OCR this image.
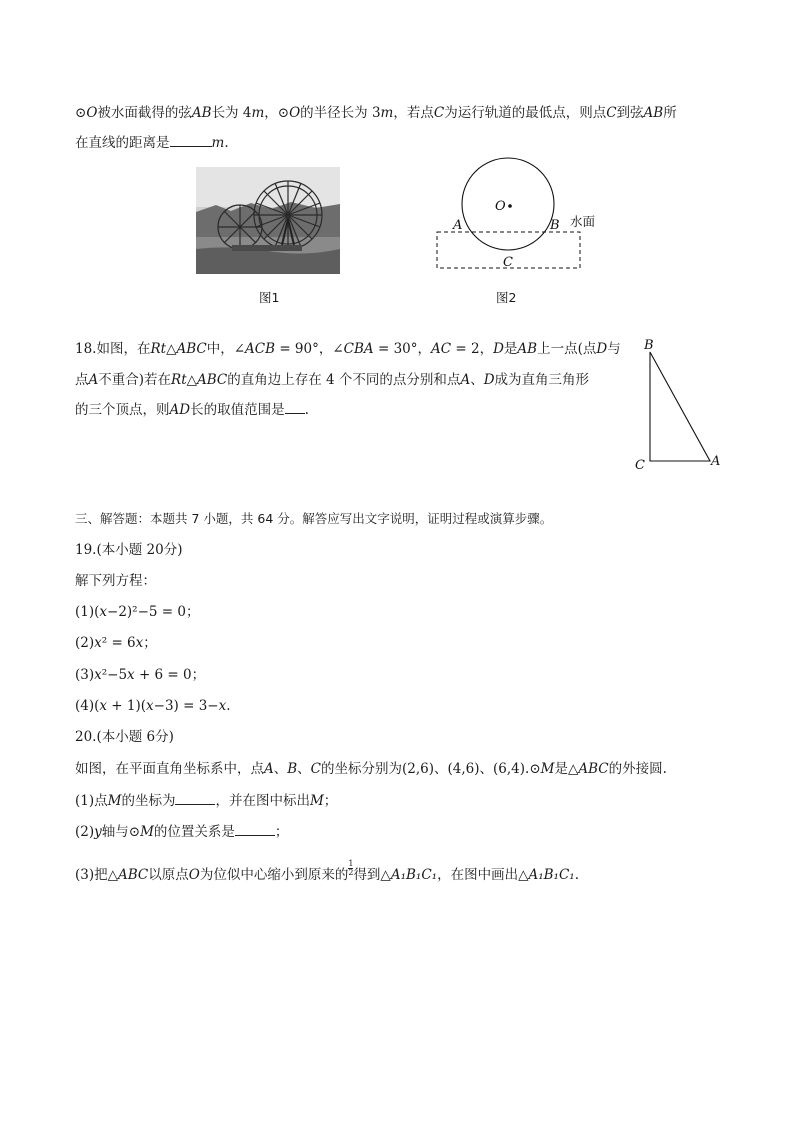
⊙O被水面截得的弦AB长为 4m，⊙O的半径长为 3m，若点C为运行轨道的最低点，则点C到弦AB所
在直线的距离是	m.
图1
O
A	B
C
水面
图2
18.如图，在Rt△ABC中，∠ACB = 90°，∠CBA = 30°，AC = 2，D是AB上一点(点D与
点A不重合)若在Rt△ABC的直角边上存在 4 个不同的点分别和点A、D成为直角三角形
的三个顶点，则AD长的取值范围是 .
B
C	A
三、解答题：本题共 7 小题，共 64 分。解答应写出文字说明，证明过程或演算步骤。
19.(本小题 20分)
解下列方程：
(1)(𝑥−2)²−5 = 0；
(2)𝑥² = 6𝑥；
(3)𝑥²−5𝑥 + 6 = 0；
(4)(𝑥 + 1)(𝑥−3) = 3−𝑥.
20.(本小题 6分)
如图，在平面直角坐标系中，点A、B、C的坐标分别为(2,6)、(4,6)、(6,4).⊙M是△ABC的外接圆.
(1)点M的坐标为	，并在图中标出M；
(2)y轴与⊙M的位置关系是	；
(3)把△ABC以原点O为位似中心缩小到原来的 $\frac{1}{2}$ 得到△A₁B₁C₁，在图中画出△A₁B₁C₁.
